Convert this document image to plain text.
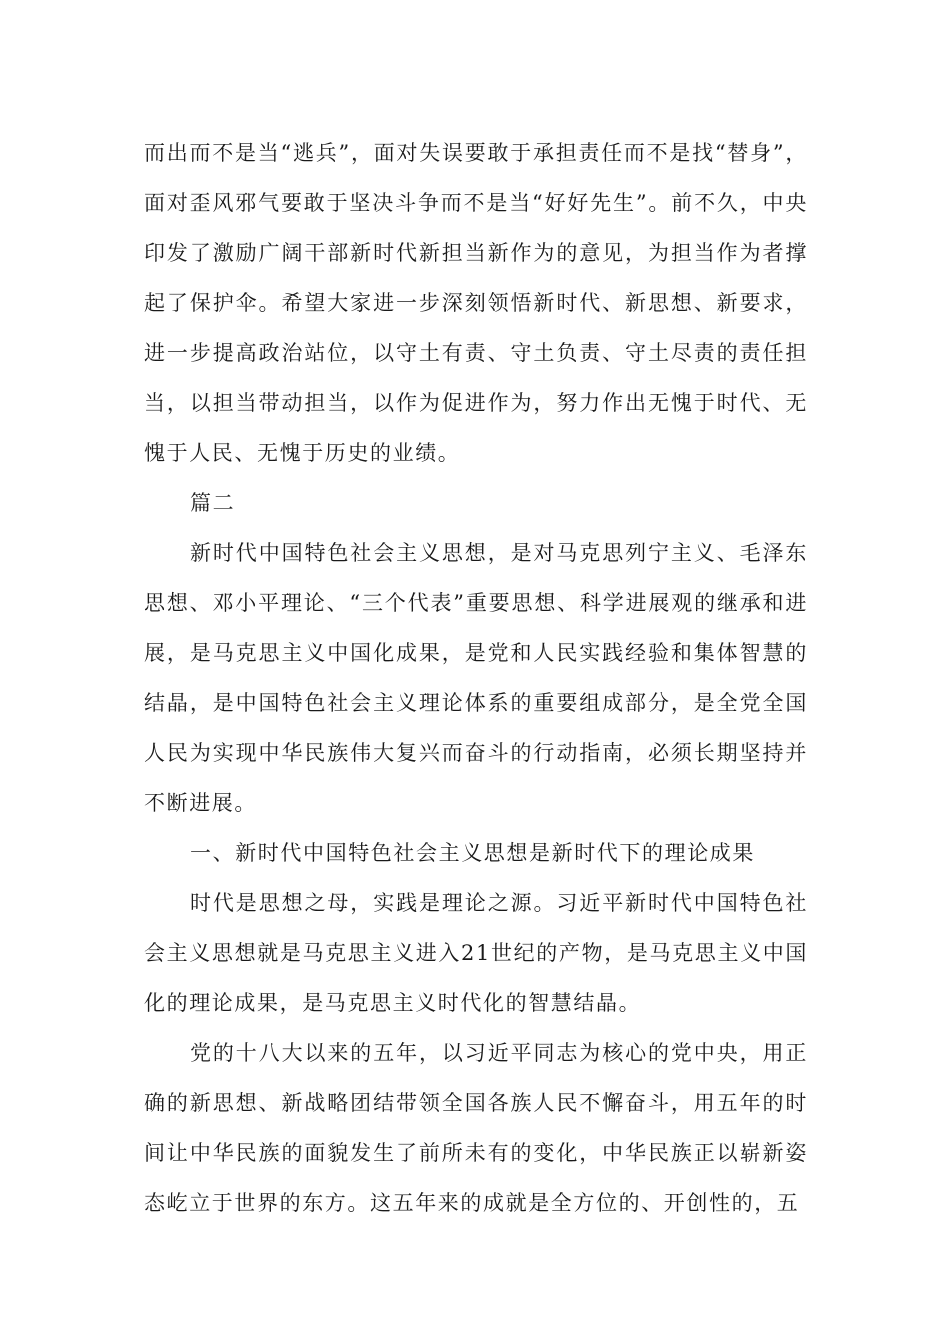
而出而不是当“逃兵”，面对失误要敢于承担责任而不是找“替身”，面对歪风邪气要敢于坚决斗争而不是当“好好先生”。前不久，中央印发了激励广阔干部新时代新担当新作为的意见，为担当作为者撑起了保护伞。希望大家进一步深刻领悟新时代、新思想、新要求，进一步提高政治站位，以守土有责、守土负责、守土尽责的责任担当，以担当带动担当，以作为促进作为，努力作出无愧于时代、无愧于人民、无愧于历史的业绩。

篇二

新时代中国特色社会主义思想，是对马克思列宁主义、毛泽东思想、邓小平理论、“三个代表”重要思想、科学进展观的继承和进展，是马克思主义中国化成果，是党和人民实践经验和集体智慧的结晶，是中国特色社会主义理论体系的重要组成部分，是全党全国人民为实现中华民族伟大复兴而奋斗的行动指南，必须长期坚持并不断进展。

一、新时代中国特色社会主义思想是新时代下的理论成果

时代是思想之母，实践是理论之源。习近平新时代中国特色社会主义思想就是马克思主义进入21世纪的产物，是马克思主义中国化的理论成果，是马克思主义时代化的智慧结晶。

党的十八大以来的五年，以习近平同志为核心的党中央，用正确的新思想、新战略团结带领全国各族人民不懈奋斗，用五年的时间让中华民族的面貌发生了前所未有的变化，中华民族正以崭新姿态屹立于世界的东方。这五年来的成就是全方位的、开创性的，五
